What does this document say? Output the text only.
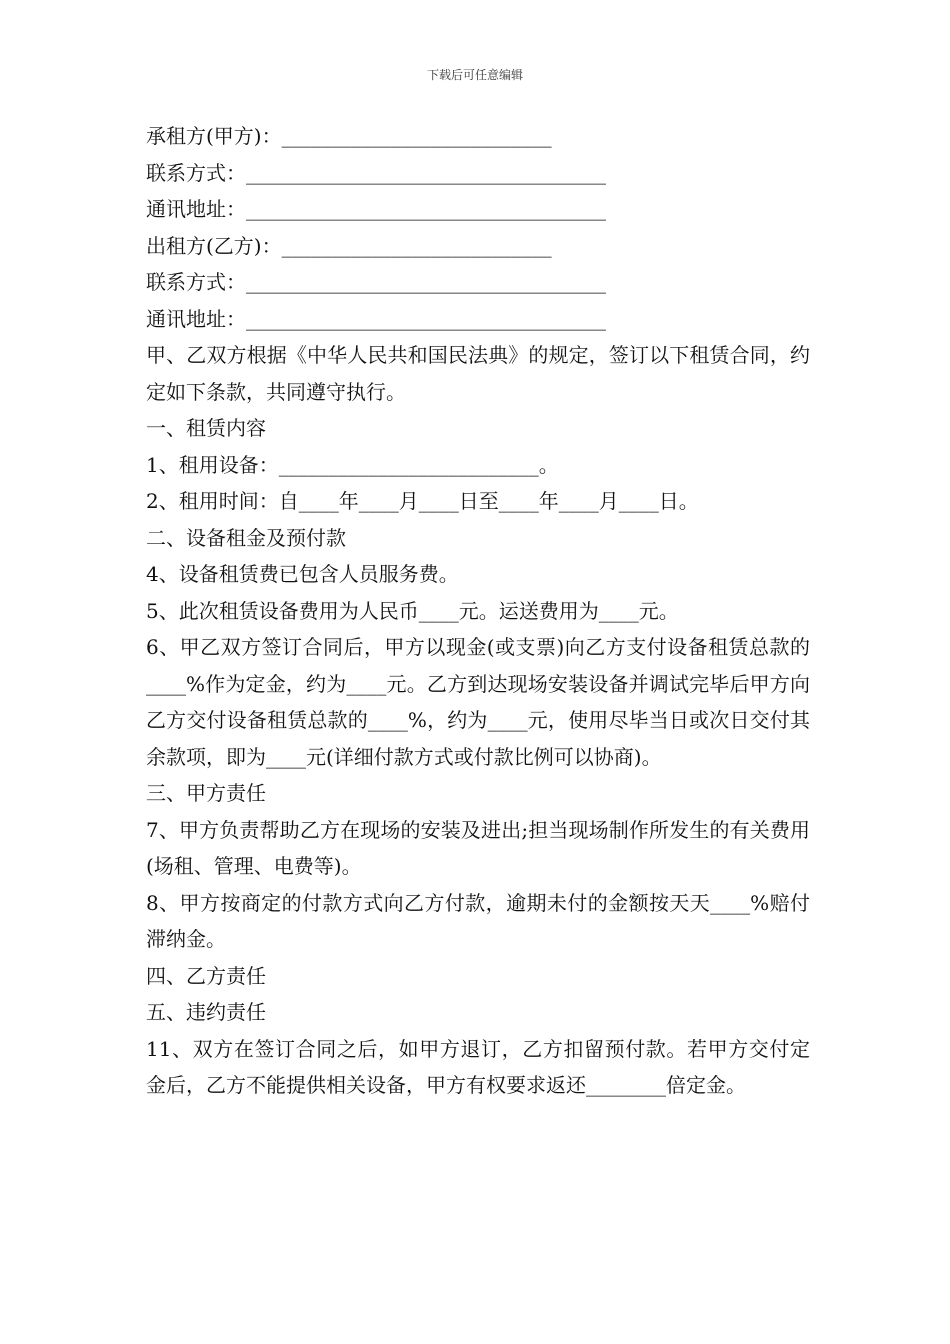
下载后可任意编辑
承租方(甲方)：___________________________
联系方式：____________________________________
通讯地址：____________________________________
出租方(乙方)：___________________________
联系方式：____________________________________
通讯地址：____________________________________
甲、乙双方根据《中华人民共和国民法典》的规定，签订以下租赁合同，约定如下条款，共同遵守执行。
一、租赁内容
1、租用设备：__________________________。
2、租用时间：自____年____月____日至____年____月____日。
二、设备租金及预付款
4、设备租赁费已包含人员服务费。
5、此次租赁设备费用为人民币____元。运送费用为____元。
6、甲乙双方签订合同后，甲方以现金(或支票)向乙方支付设备租赁总款的____%作为定金，约为____元。乙方到达现场安装设备并调试完毕后甲方向乙方交付设备租赁总款的____%，约为____元，使用尽毕当日或次日交付其余款项，即为____元(详细付款方式或付款比例可以协商)。
三、甲方责任
7、甲方负责帮助乙方在现场的安装及进出;担当现场制作所发生的有关费用(场租、管理、电费等)。
8、甲方按商定的付款方式向乙方付款，逾期未付的金额按天天____%赔付滞纳金。
四、乙方责任
五、违约责任
11、双方在签订合同之后，如甲方退订，乙方扣留预付款。若甲方交付定金后，乙方不能提供相关设备，甲方有权要求返还________倍定金。
